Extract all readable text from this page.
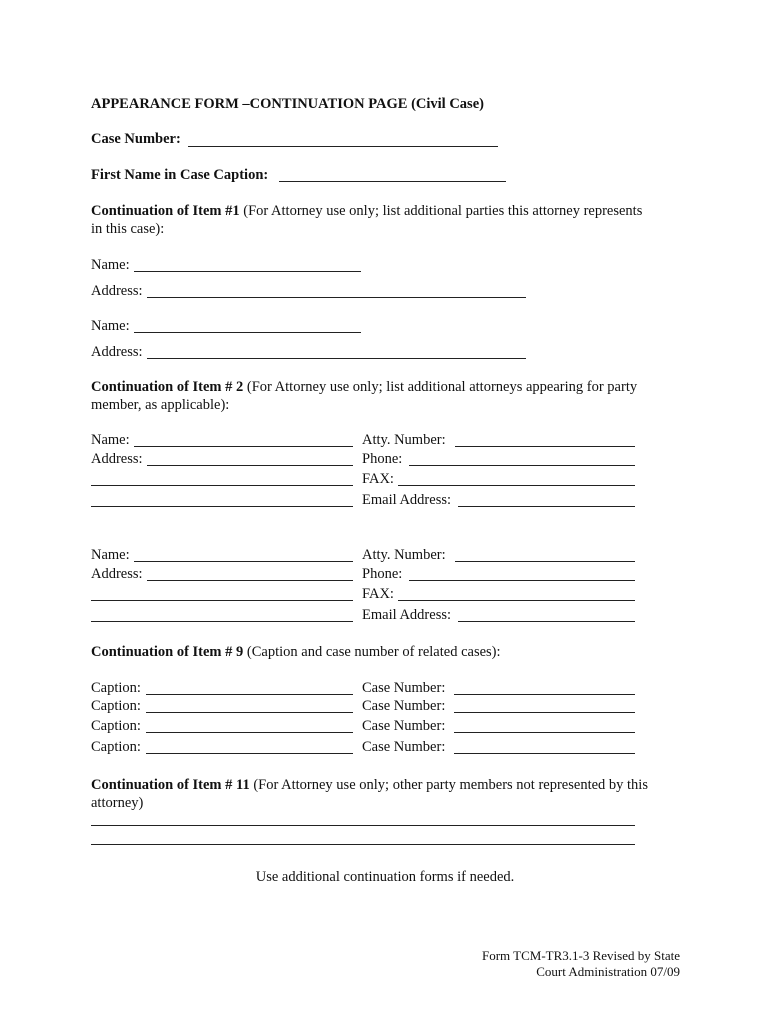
APPEARANCE FORM –CONTINUATION PAGE (Civil Case)
Case Number:
First Name in Case Caption:
Continuation of Item #1 (For Attorney use only; list additional parties this attorney represents
in this case):
Name:
Address:
Name:
Address:
Continuation of Item # 2 (For Attorney use only; list additional attorneys appearing for party
member, as applicable):
Name:	Atty. Number:
Address:	Phone:
FAX:
Email Address:
Name:	Atty. Number:
Address:	Phone:
FAX:
Email Address:
Continuation of Item # 9 (Caption and case number of related cases):
Caption:	Case Number:
Caption:	Case Number:
Caption:	Case Number:
Caption:	Case Number:
Continuation of Item # 11 (For Attorney use only; other party members not represented by this
attorney)
Use additional continuation forms if needed.
Form TCM-TR3.1-3 Revised by State
Court Administration 07/09
